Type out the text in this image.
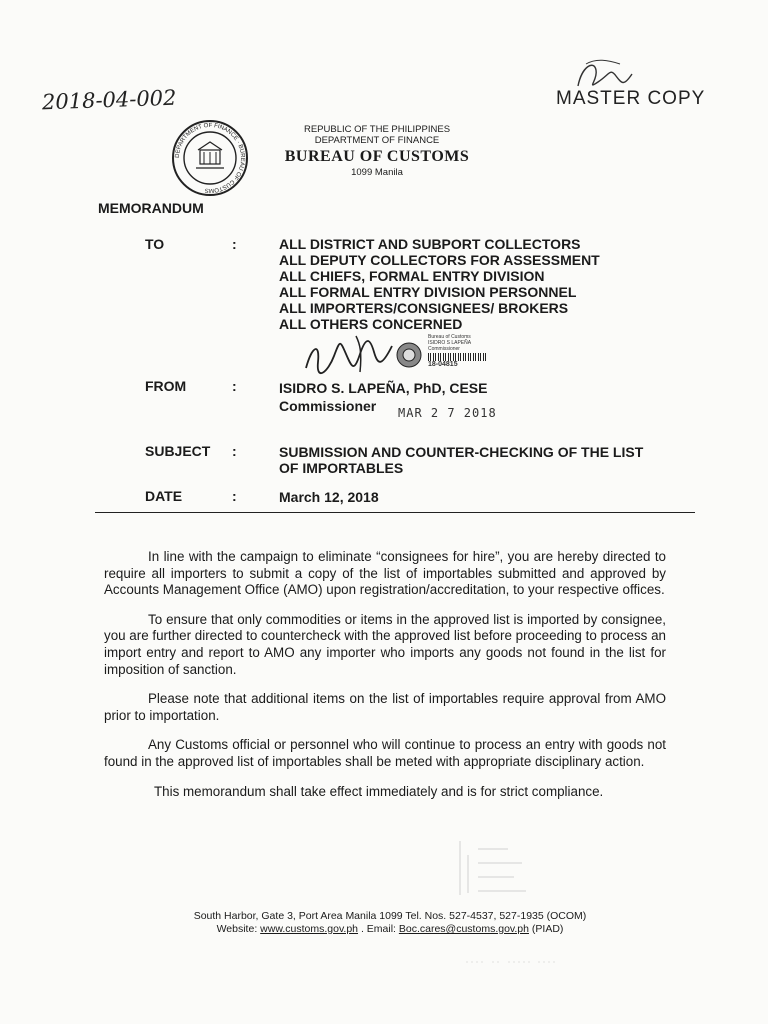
2018-04-002	MASTER COPY
DEPARTMENT OF FINANCE · BUREAU OF CUSTOMS
REPUBLIC OF THE PHILIPPINES
DEPARTMENT OF FINANCE
BUREAU OF CUSTOMS
1099 Manila
MEMORANDUM
TO	:	ALL DISTRICT AND SUBPORT COLLECTORS
ALL DEPUTY COLLECTORS FOR ASSESSMENT
ALL CHIEFS, FORMAL ENTRY DIVISION
ALL FORMAL ENTRY DIVISION PERSONNEL
ALL IMPORTERS/CONSIGNEES/ BROKERS
ALL OTHERS CONCERNED
Bureau of Customs
ISIDRO S LAPEÑA
Commissioner
18-04815
FROM	:	ISIDRO S. LAPEÑA, PhD, CESE
Commissioner	MAR 2 7 2018
SUBJECT :	SUBMISSION AND COUNTER-CHECKING OF THE LIST OF IMPORTABLES
DATE	:	March 12, 2018

In line with the campaign to eliminate “consignees for hire”, you are hereby directed to require all importers to submit a copy of the list of importables submitted and approved by Accounts Management Office (AMO) upon registration/accreditation, to your respective offices.

To ensure that only commodities or items in the approved list is imported by consignee, you are further directed to countercheck with the approved list before proceeding to process an import entry and report to AMO any importer who imports any goods not found in the list for imposition of sanction.

Please note that additional items on the list of importables require approval from AMO prior to importation.

Any Customs official or personnel who will continue to process an entry with goods not found in the approved list of importables shall be meted with appropriate disciplinary action.

This memorandum shall take effect immediately and is for strict compliance.

South Harbor, Gate 3, Port Area Manila 1099 Tel. Nos. 527-4537, 527-1935 (OCOM)
Website: www.customs.gov.ph . Email: Boc.cares@customs.gov.ph (PIAD)
